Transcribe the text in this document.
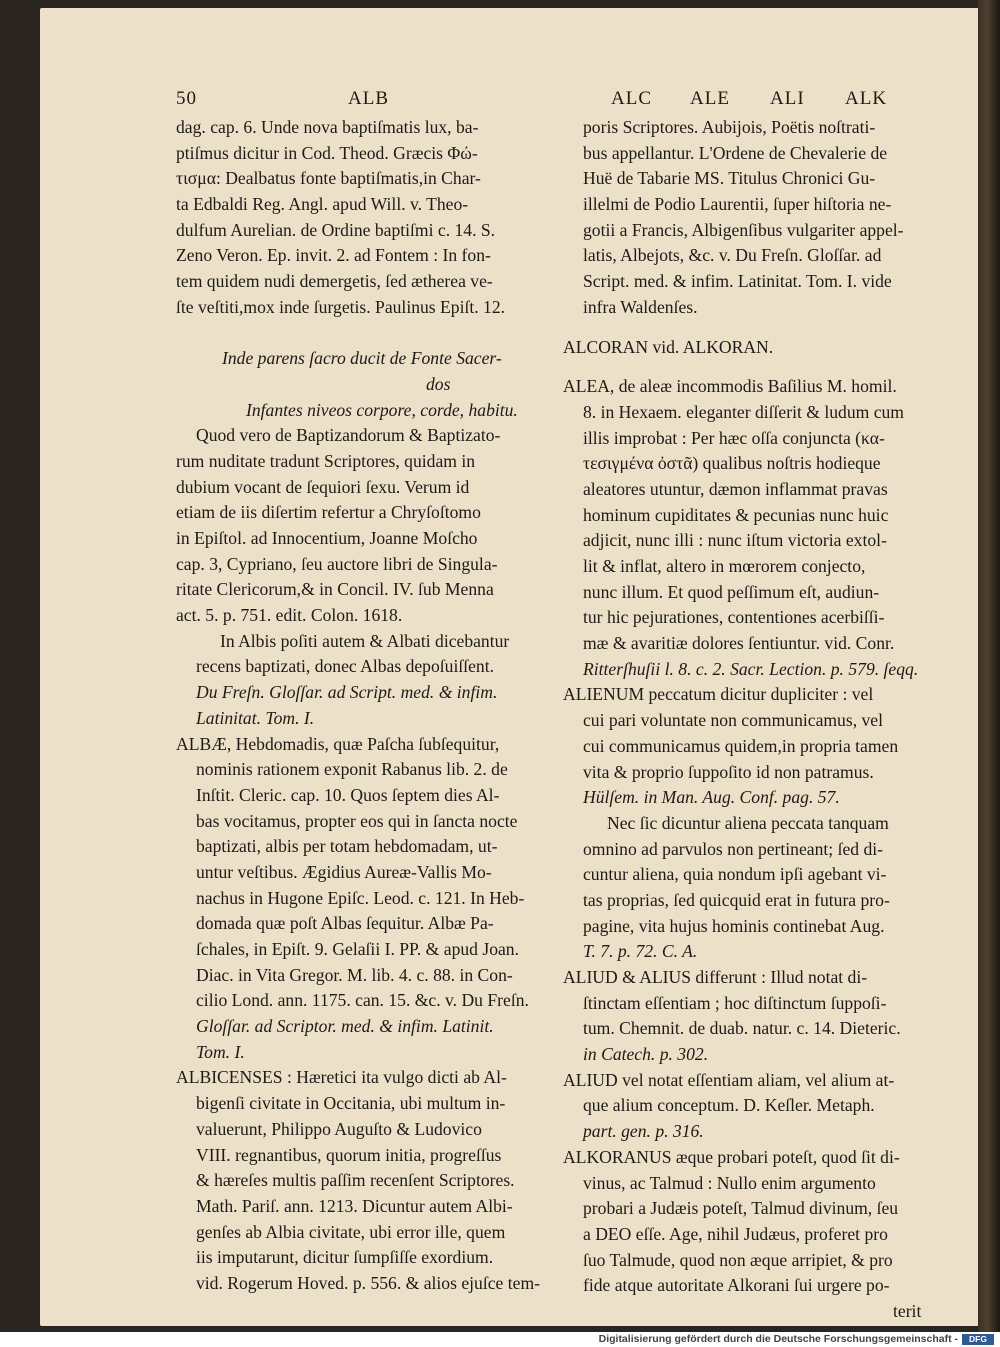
50	ALB	ALC ALE ALI ALK
dag. cap. 6. Unde nova baptiſmatis lux, ba-
ptiſmus dicitur in Cod. Theod. Græcis Φώ-
τισμα: Dealbatus fonte baptiſmatis,in Char-
ta Edbaldi Reg. Angl. apud Will. v. Theo-
dulfum Aurelian. de Ordine baptiſmi c. 14. S.
Zeno Veron. Ep. invit. 2. ad Fontem : In fon-
tem quidem nudi demergetis, ſed ætherea ve-
ſte veſtiti,mox inde ſurgetis. Paulinus Epiſt. 12.
Inde parens ſacro ducit de Fonte Sacer-
dos
Infantes niveos corpore, corde, habitu.
Quod vero de Baptizandorum & Baptizato-
rum nuditate tradunt Scriptores, quidam in
dubium vocant de ſequiori ſexu. Verum id
etiam de iis diſertim refertur a Chryſoſtomo
in Epiſtol. ad Innocentium, Joanne Moſcho
cap. 3, Cypriano, ſeu auctore libri de Singula-
ritate Clericorum,& in Concil. IV. ſub Menna
act. 5. p. 751. edit. Colon. 1618.
In Albis poſiti autem & Albati dicebantur
recens baptizati, donec Albas depoſuiſſent.
Du Freſn. Gloſſar. ad Script. med. & infim.
Latinitat. Tom. I.
ALBÆ, Hebdomadis, quæ Paſcha ſubſequitur,
nominis rationem exponit Rabanus lib. 2. de
Inſtit. Cleric. cap. 10. Quos ſeptem dies Al-
bas vocitamus, propter eos qui in ſancta nocte
baptizati, albis per totam hebdomadam, ut-
untur veſtibus. Ægidius Aureæ-Vallis Mo-
nachus in Hugone Epiſc. Leod. c. 121. In Heb-
domada quæ poſt Albas ſequitur. Albæ Pa-
ſchales, in Epiſt. 9. Gelaſii I. PP. & apud Joan.
Diac. in Vita Gregor. M. lib. 4. c. 88. in Con-
cilio Lond. ann. 1175. can. 15. &c. v. Du Freſn.
Gloſſar. ad Scriptor. med. & infim. Latinit.
Tom. I.
ALBICENSES : Hæretici ita vulgo dicti ab Al-
bigenſi civitate in Occitania, ubi multum in-
valuerunt, Philippo Auguſto & Ludovico
VIII. regnantibus, quorum initia, progreſſus
& hæreſes multis paſſim recenſent Scriptores.
Math. Pariſ. ann. 1213. Dicuntur autem Albi-
genſes ab Albia civitate, ubi error ille, quem
iis imputarunt, dicitur ſumpſiſſe exordium.
vid. Rogerum Hoved. p. 556. & alios ejuſce tem-
poris Scriptores. Aubijois, Poëtis noſtrati-
bus appellantur. L'Ordene de Chevalerie de
Huë de Tabarie MS. Titulus Chronici Gu-
illelmi de Podio Laurentii, ſuper hiſtoria ne-
gotii a Francis, Albigenſibus vulgariter appel-
latis, Albejots, &c. v. Du Freſn. Gloſſar. ad
Script. med. & infim. Latinitat. Tom. I. vide
infra Waldenſes.
ALCORAN vid. ALKORAN.
ALEA, de aleæ incommodis Baſilius M. homil.
8. in Hexaem. eleganter diſſerit & ludum cum
illis improbat : Per hæc oſſa conjuncta (κα-
τεσιγμένα ὀστᾶ) qualibus noſtris hodieque
aleatores utuntur, dæmon inflammat pravas
hominum cupiditates & pecunias nunc huic
adjicit, nunc illi : nunc iſtum victoria extol-
lit & inflat, altero in mœrorem conjecto,
nunc illum. Et quod peſſimum eſt, audiun-
tur hic pejurationes, contentiones acerbiſſi-
mæ & avaritiæ dolores ſentiuntur. vid. Conr.
Ritterſhuſii l. 8. c. 2. Sacr. Lection. p. 579. ſeqq.
ALIENUM peccatum dicitur dupliciter : vel
cui pari voluntate non communicamus, vel
cui communicamus quidem,in propria tamen
vita & proprio ſuppoſito id non patramus.
Hülſem. in Man. Aug. Conf. pag. 57.
Nec ſic dicuntur aliena peccata tanquam
omnino ad parvulos non pertineant; ſed di-
cuntur aliena, quia nondum ipſi agebant vi-
tas proprias, ſed quicquid erat in futura pro-
pagine, vita hujus hominis continebat Aug.
T. 7. p. 72. C. A.
ALIUD & ALIUS differunt : Illud notat di-
ſtinctam eſſentiam ; hoc diſtinctum ſuppoſi-
tum. Chemnit. de duab. natur. c. 14. Dieteric.
in Catech. p. 302.
ALIUD vel notat eſſentiam aliam, vel alium at-
que alium conceptum. D. Keſler. Metaph.
part. gen. p. 316.
ALKORANUS æque probari poteſt, quod ſit di-
vinus, ac Talmud : Nullo enim argumento
probari a Judæis poteſt, Talmud divinum, ſeu
a DEO eſſe. Age, nihil Judæus, proferet pro
ſuo Talmude, quod non æque arripiet, & pro
fide atque autoritate Alkorani ſui urgere po-
terit
Digitalisierung gefördert durch die Deutsche Forschungsgemeinschaft -	DFG
